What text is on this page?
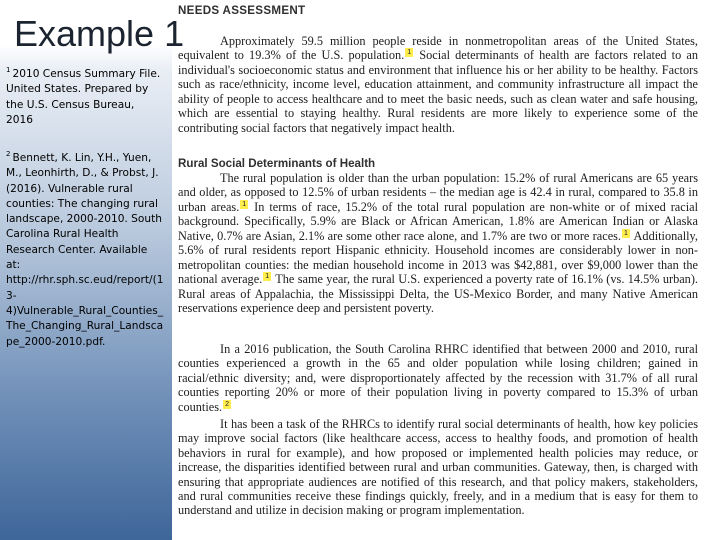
Example 1
$^1$ 2010 Census Summary File. United States. Prepared by the U.S. Census Bureau, 2016
$^2$ Bennett, K. Lin, Y.H., Yuen, M., Leonhirth, D., & Probst, J. (2016). Vulnerable rural counties: The changing rural landscape, 2000-2010. South Carolina Rural Health Research Center. Available at: http://rhr.sph.sc.eud/report/(13-4)Vulnerable_Rural_Counties_The_Changing_Rural_Landscape_2000-2010.pdf.
NEEDS ASSESSMENT

Approximately 59.5 million people reside in nonmetropolitan areas of the United States, equivalent to 19.3% of the U.S. population. 1 Social determinants of health are factors related to an individual's socioeconomic status and environment that influence his or her ability to be healthy. Factors such as race/ethnicity, income level, education attainment, and community infrastructure all impact the ability of people to access healthcare and to meet the basic needs, such as clean water and safe housing, which are essential to staying healthy. Rural residents are more likely to experience some of the contributing social factors that negatively impact health.

Rural Social Determinants of Health

The rural population is older than the urban population: 15.2% of rural Americans are 65 years and older, as opposed to 12.5% of urban residents – the median age is 42.4 in rural, compared to 35.8 in urban areas. 1 In terms of race, 15.2% of the total rural population are non-white or of mixed racial background. Specifically, 5.9% are Black or African American, 1.8% are American Indian or Alaska Native, 0.7% are Asian, 2.1% are some other race alone, and 1.7% are two or more races. 1 Additionally, 5.6% of rural residents report Hispanic ethnicity. Household incomes are considerably lower in non-metropolitan counties: the median household income in 2013 was $42,881, over $9,000 lower than the national average. 1 The same year, the rural U.S. experienced a poverty rate of 16.1% (vs. 14.5% urban). Rural areas of Appalachia, the Mississippi Delta, the US-Mexico Border, and many Native American reservations experience deep and persistent poverty.

In a 2016 publication, the South Carolina RHRC identified that between 2000 and 2010, rural counties experienced a growth in the 65 and older population while losing children; gained in racial/ethnic diversity; and, were disproportionately affected by the recession with 31.7% of all rural counties reporting 20% or more of their population living in poverty compared to 15.3% of urban counties. 2

It has been a task of the RHRCs to identify rural social determinants of health, how key policies may improve social factors (like healthcare access, access to healthy foods, and promotion of health behaviors in rural for example), and how proposed or implemented health policies may reduce, or increase, the disparities identified between rural and urban communities. Gateway, then, is charged with ensuring that appropriate audiences are notified of this research, and that policy makers, stakeholders, and rural communities receive these findings quickly, freely, and in a medium that is easy for them to understand and utilize in decision making or program implementation.
